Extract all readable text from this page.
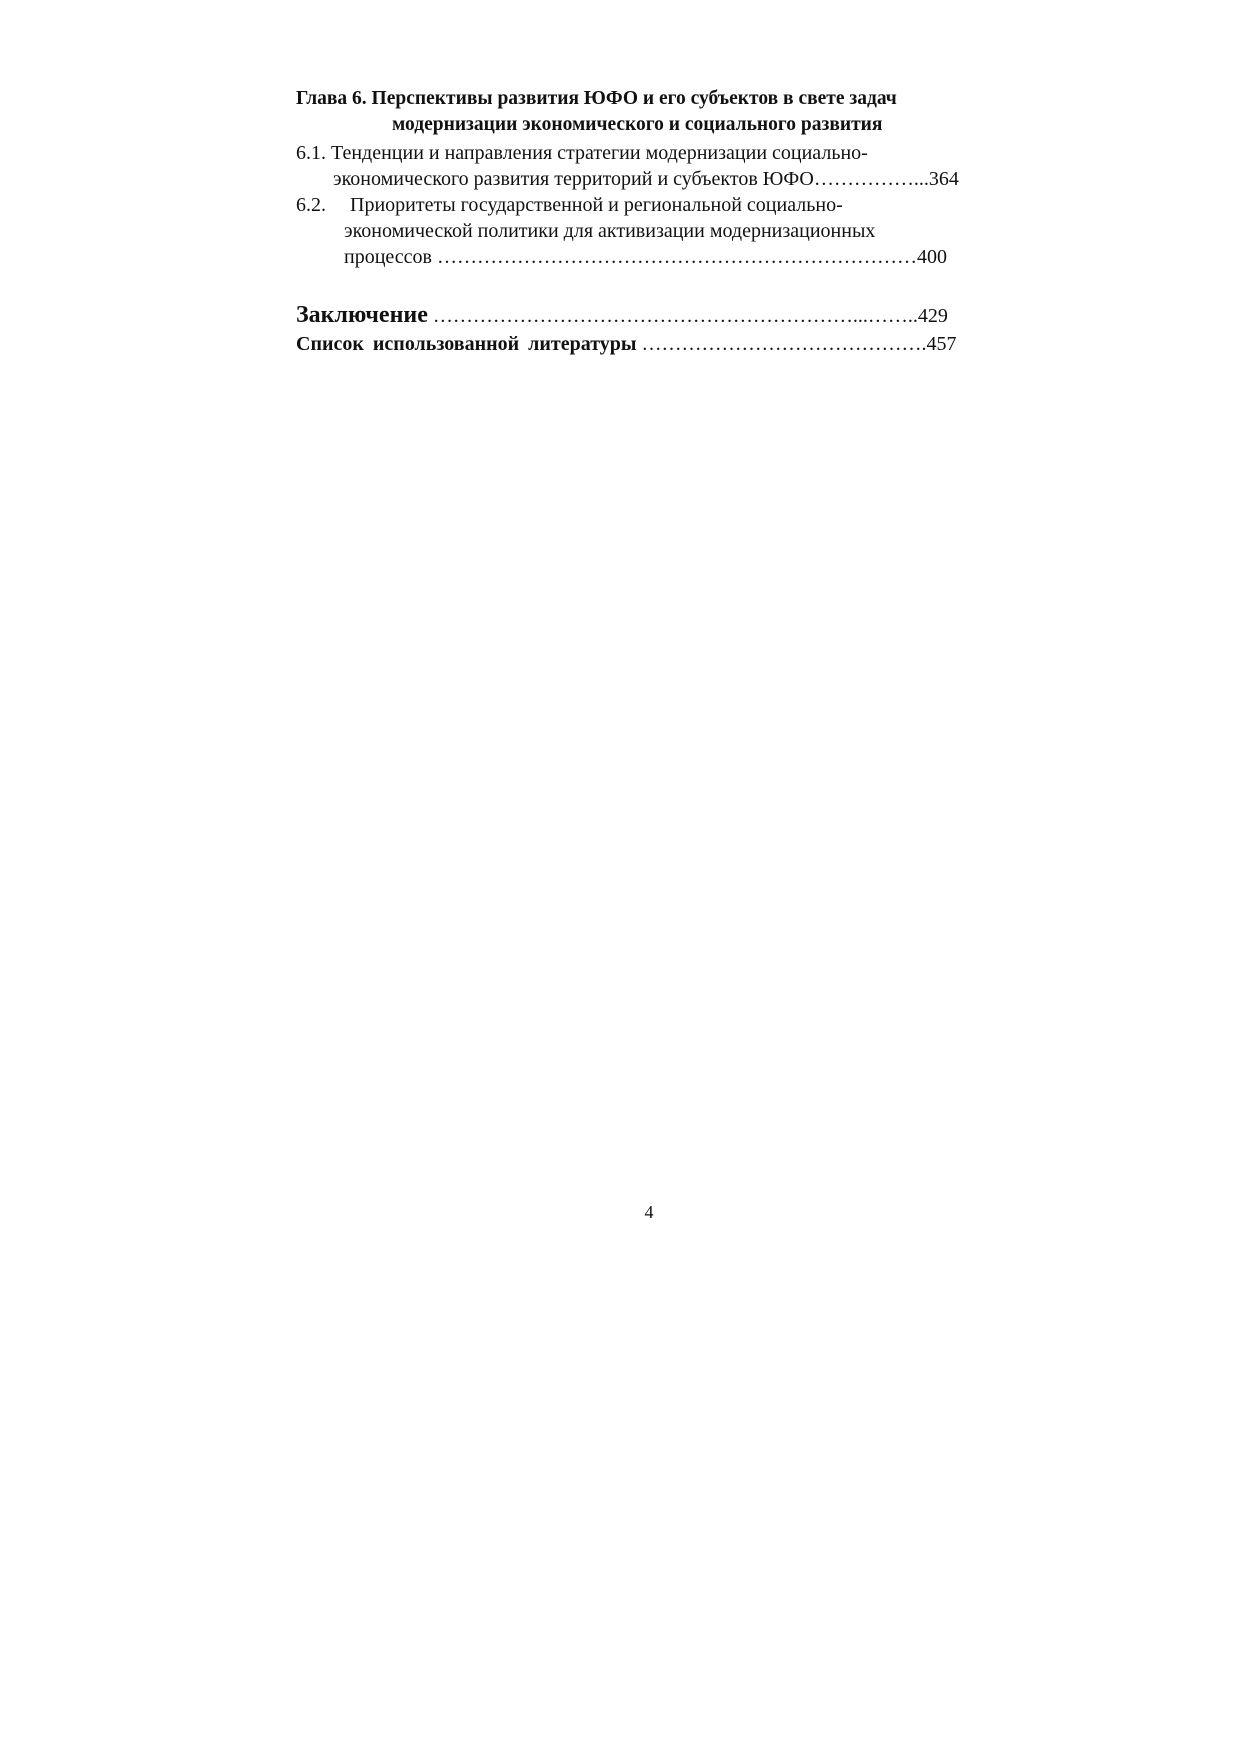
Глава 6. Перспективы развития ЮФО и его субъектов в свете задач
модернизации экономического и социального развития
6.1. Тенденции и направления стратегии модернизации социально-
экономического развития территорий и субъектов ЮФО……………...364
6.2. Приоритеты государственной и региональной социально-
экономической политики для активизации модернизационных
процессов ………………………………………………………………400
Заключение ………………………………………………………...……..429
Список использованной литературы …………………………………….457
4
